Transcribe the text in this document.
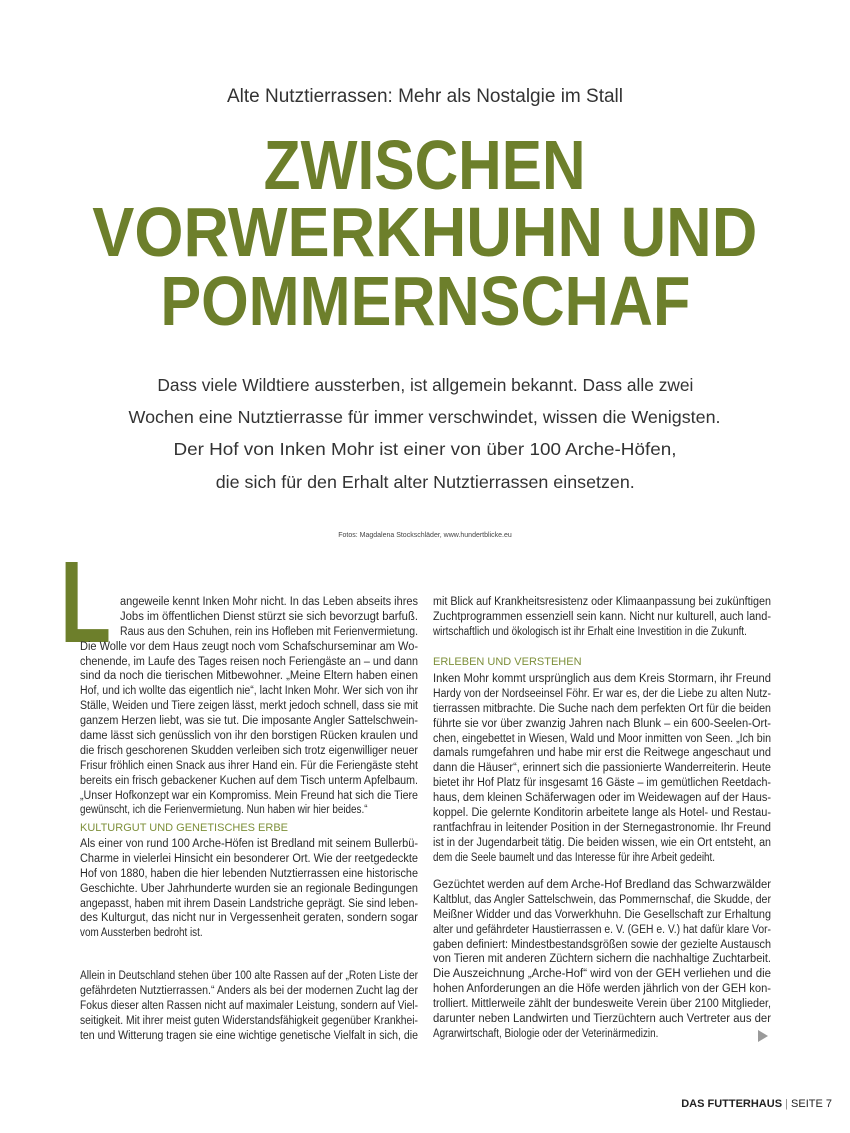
Alte Nutztierrassen: Mehr als Nostalgie im Stall
ZWISCHEN
VORWERKHUHN UND
POMMERNSCHAF
Dass viele Wildtiere aussterben, ist allgemein bekannt. Dass alle zwei
Wochen eine Nutztierrasse für immer verschwindet, wissen die Wenigsten.
Der Hof von Inken Mohr ist einer von über 100 Arche-Höfen,
die sich für den Erhalt alter Nutztierrassen einsetzen.
Fotos: Magdalena Stockschläder, www.hundertblicke.eu
L angeweile kennt Inken Mohr nicht. In das Leben abseits ihres
Jobs im öffentlichen Dienst stürzt sie sich bevorzugt barfuß.
Raus aus den Schuhen, rein ins Hofleben mit Ferienvermietung.
Die Wolle vor dem Haus zeugt noch vom Schafschurseminar am Wo-
chenende, im Laufe des Tages reisen noch Feriengäste an – und dann
sind da noch die tierischen Mitbewohner. „Meine Eltern haben einen
Hof, und ich wollte das eigentlich nie“, lacht Inken Mohr. Wer sich von ihr
Ställe, Weiden und Tiere zeigen lässt, merkt jedoch schnell, dass sie mit
ganzem Herzen liebt, was sie tut. Die imposante Angler Sattelschwein-
dame lässt sich genüsslich von ihr den borstigen Rücken kraulen und
die frisch geschorenen Skudden verleiben sich trotz eigenwilliger neuer
Frisur fröhlich einen Snack aus ihrer Hand ein. Für die Feriengäste steht
bereits ein frisch gebackener Kuchen auf dem Tisch unterm Apfelbaum.
„Unser Hofkonzept war ein Kompromiss. Mein Freund hat sich die Tiere
gewünscht, ich die Ferienvermietung. Nun haben wir hier beides.“
KULTURGUT UND GENETISCHES ERBE
Als einer von rund 100 Arche-Höfen ist Bredland mit seinem Bullerbü-
Charme in vielerlei Hinsicht ein besonderer Ort. Wie der reetgedeckte
Hof von 1880, haben die hier lebenden Nutztierrassen eine historische
Geschichte. Über Jahrhunderte wurden sie an regionale Bedingungen
angepasst, haben mit ihrem Dasein Landstriche geprägt. Sie sind leben-
des Kulturgut, das nicht nur in Vergessenheit geraten, sondern sogar
vom Aussterben bedroht ist.
Allein in Deutschland stehen über 100 alte Rassen auf der „Roten Liste der
gefährdeten Nutztierrassen.“ Anders als bei der modernen Zucht lag der
Fokus dieser alten Rassen nicht auf maximaler Leistung, sondern auf Viel-
seitigkeit. Mit ihrer meist guten Widerstandsfähigkeit gegenüber Krankhei-
ten und Witterung tragen sie eine wichtige genetische Vielfalt in sich, die
mit Blick auf Krankheitsresistenz oder Klimaanpassung bei zukünftigen
Zuchtprogrammen essenziell sein kann. Nicht nur kulturell, auch land-
wirtschaftlich und ökologisch ist ihr Erhalt eine Investition in die Zukunft.
ERLEBEN UND VERSTEHEN
Inken Mohr kommt ursprünglich aus dem Kreis Stormarn, ihr Freund
Hardy von der Nordseeinsel Föhr. Er war es, der die Liebe zu alten Nutz-
tierrassen mitbrachte. Die Suche nach dem perfekten Ort für die beiden
führte sie vor über zwanzig Jahren nach Blunk – ein 600-Seelen-Ört-
chen, eingebettet in Wiesen, Wald und Moor inmitten von Seen. „Ich bin
damals rumgefahren und habe mir erst die Reitwege angeschaut und
dann die Häuser“, erinnert sich die passionierte Wanderreiterin. Heute
bietet ihr Hof Platz für insgesamt 16 Gäste – im gemütlichen Reetdach-
haus, dem kleinen Schäferwagen oder im Weidewagen auf der Haus-
koppel. Die gelernte Konditorin arbeitete lange als Hotel- und Restau-
rantfachfrau in leitender Position in der Sternegastronomie. Ihr Freund
ist in der Jugendarbeit tätig. Die beiden wissen, wie ein Ort entsteht, an
dem die Seele baumelt und das Interesse für ihre Arbeit gedeiht.
Gezüchtet werden auf dem Arche-Hof Bredland das Schwarzwälder
Kaltblut, das Angler Sattelschwein, das Pommernschaf, die Skudde, der
Meißner Widder und das Vorwerkhuhn. Die Gesellschaft zur Erhaltung
alter und gefährdeter Haustierrassen e. V. (GEH e. V.) hat dafür klare Vor-
gaben definiert: Mindestbestandsgrößen sowie der gezielte Austausch
von Tieren mit anderen Züchtern sichern die nachhaltige Zuchtarbeit.
Die Auszeichnung „Arche-Hof“ wird von der GEH verliehen und die
hohen Anforderungen an die Höfe werden jährlich von der GEH kon-
trolliert. Mittlerweile zählt der bundesweite Verein über 2100 Mitglieder,
darunter neben Landwirten und Tierzüchtern auch Vertreter aus der
Agrarwirtschaft, Biologie oder der Veterinärmedizin.
DAS FUTTERHAUS | SEITE 7
